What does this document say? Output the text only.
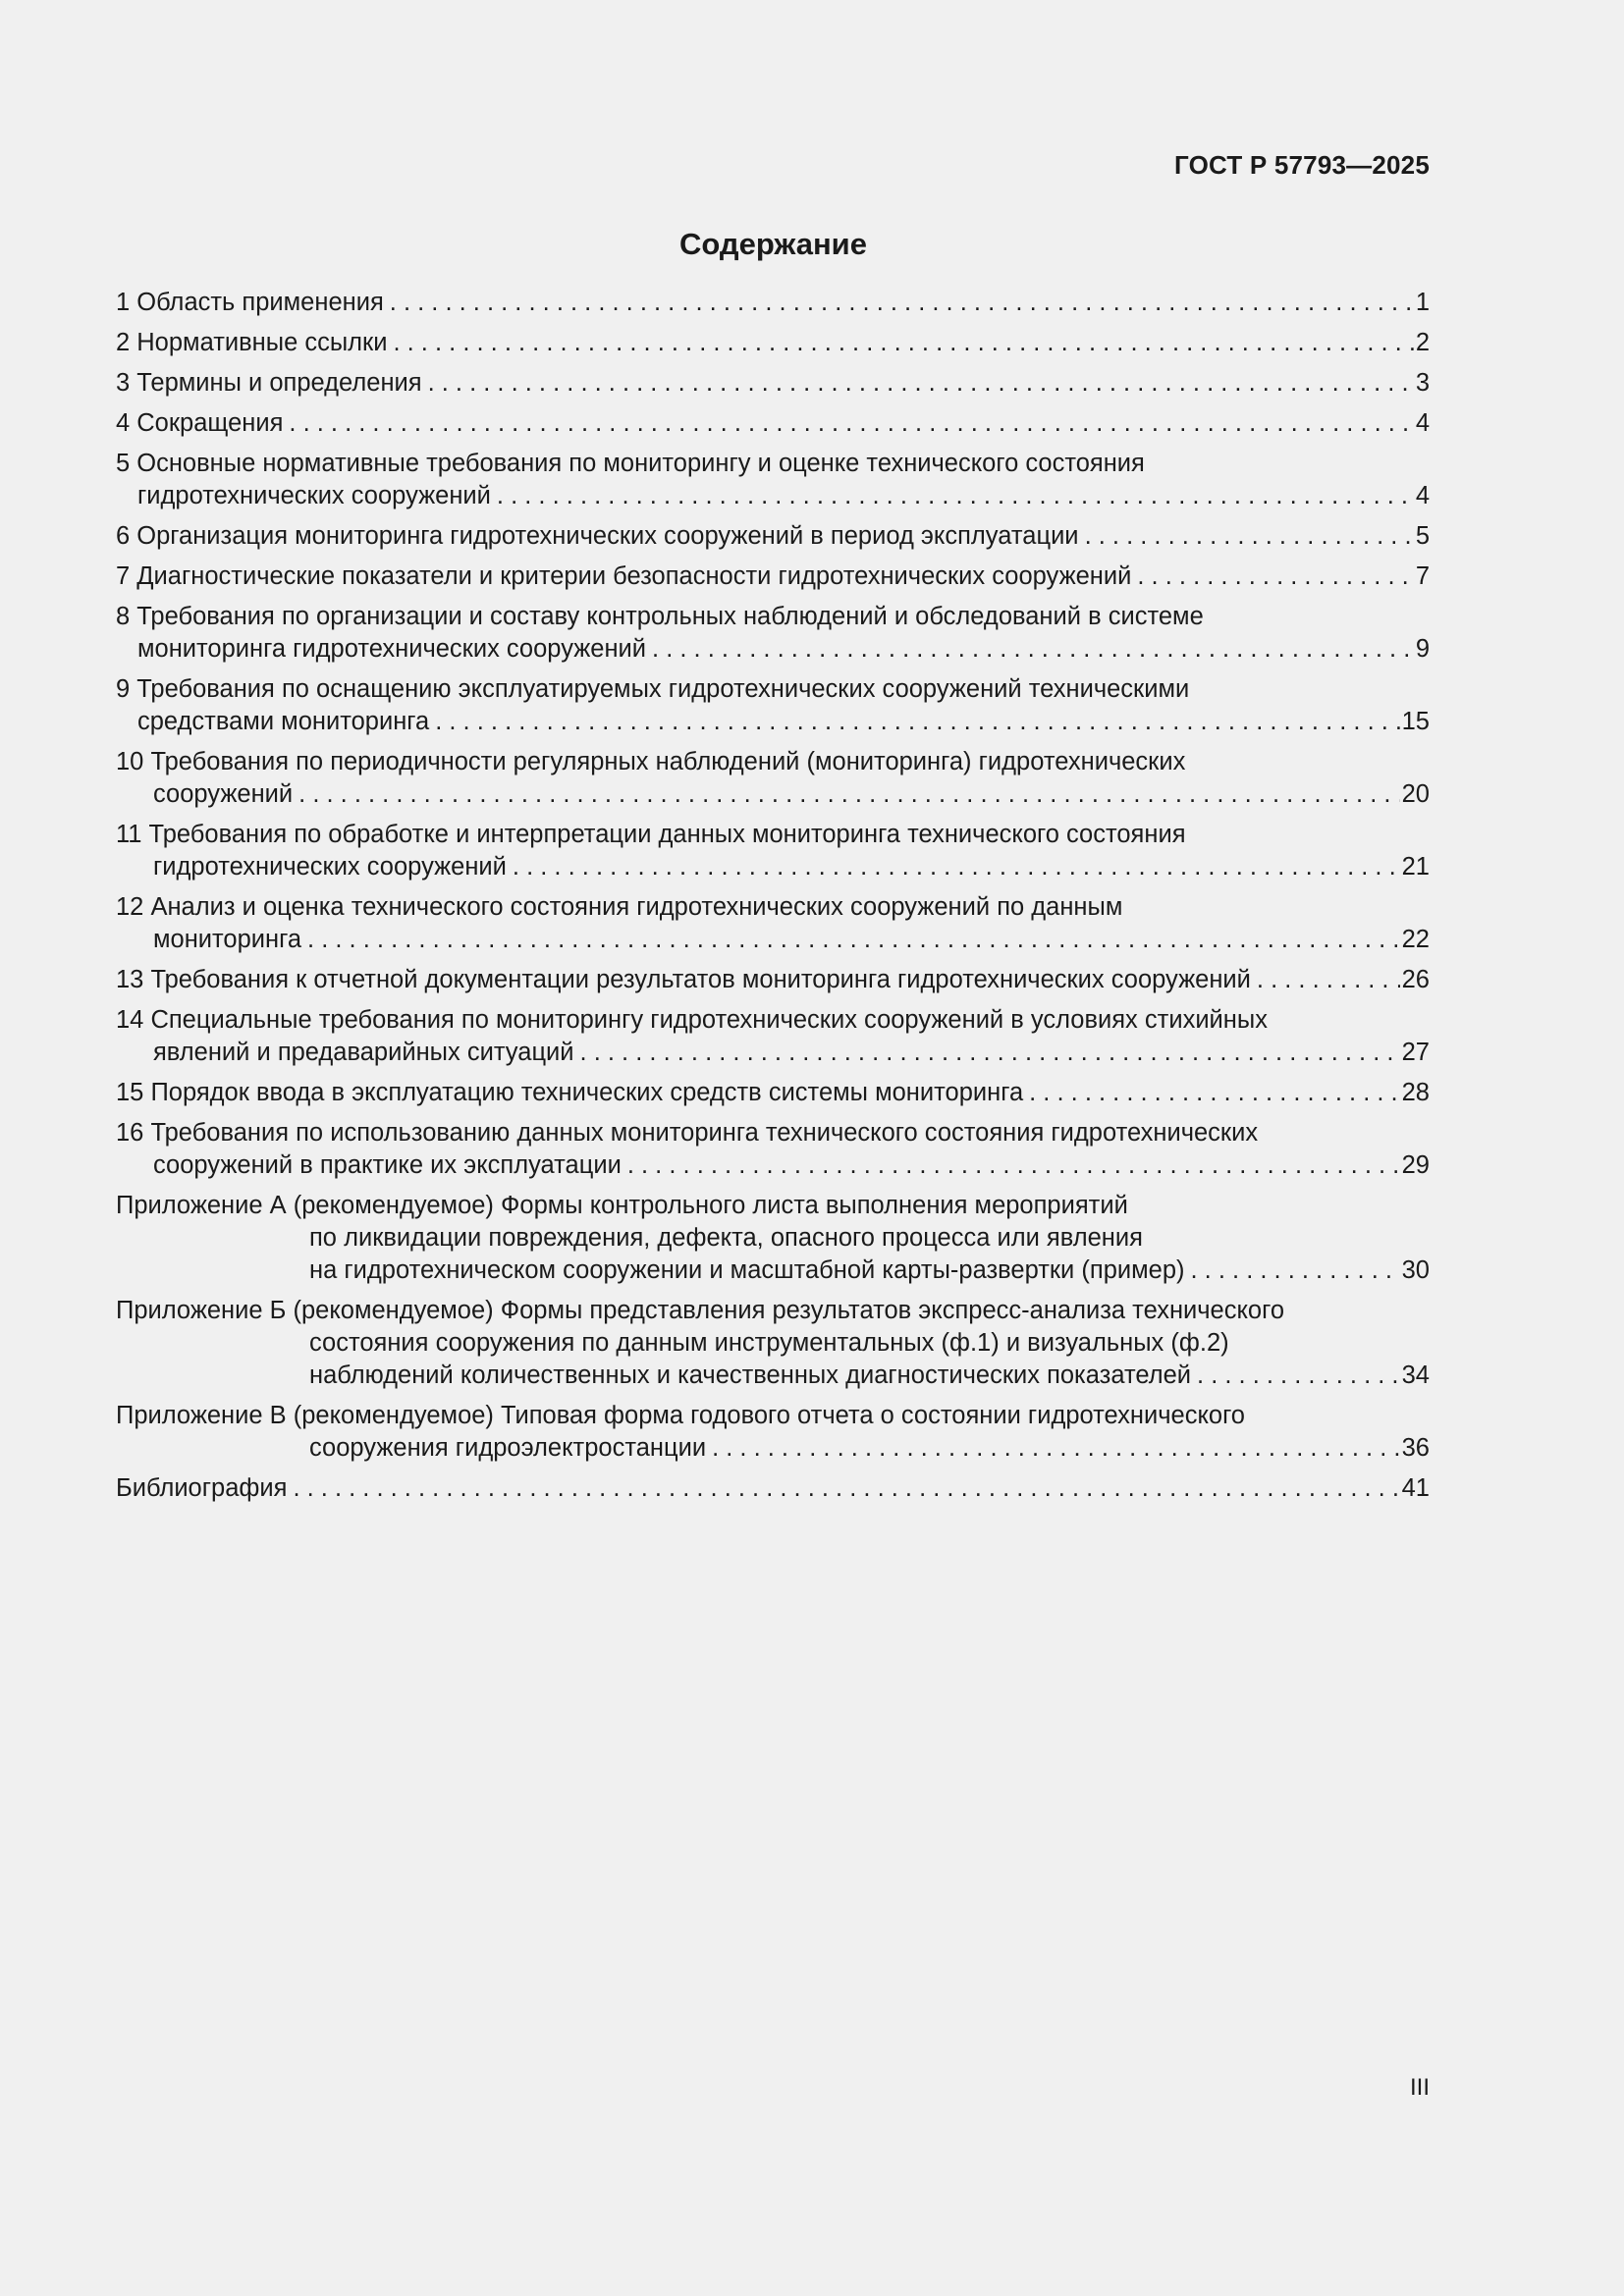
ГОСТ Р 57793—2025
Содержание
1 Область применения . . .	1
2 Нормативные ссылки . . .	2
3 Термины и определения . . .	3
4 Сокращения . . .	4
5 Основные нормативные требования по мониторингу и оценке технического состояния
гидротехнических сооружений . . .	4
6 Организация мониторинга гидротехнических сооружений в период эксплуатации . . .	5
7 Диагностические показатели и критерии безопасности гидротехнических сооружений . . .	7
8 Требования по организации и составу контрольных наблюдений и обследований в системе
мониторинга гидротехнических сооружений . . .	9
9 Требования по оснащению эксплуатируемых гидротехнических сооружений техническими
средствами мониторинга . . .	15
10 Требования по периодичности регулярных наблюдений (мониторинга) гидротехнических
сооружений . . .	20
11 Требования по обработке и интерпретации данных мониторинга технического состояния
гидротехнических сооружений . . .	21
12 Анализ и оценка технического состояния гидротехнических сооружений по данным
мониторинга . . .	22
13 Требования к отчетной документации результатов мониторинга гидротехнических сооружений . . .	26
14 Специальные требования по мониторингу гидротехнических сооружений в условиях стихийных
явлений и предаварийных ситуаций . . .	27
15 Порядок ввода в эксплуатацию технических средств системы мониторинга . . .	28
16 Требования по использованию данных мониторинга технического состояния гидротехнических
сооружений в практике их эксплуатации . . .	29
Приложение А (рекомендуемое) Формы контрольного листа выполнения мероприятий
по ликвидации повреждения, дефекта, опасного процесса или явления
на гидротехническом сооружении и масштабной карты-развертки (пример) . . .	30
Приложение Б (рекомендуемое) Формы представления результатов экспресс-анализа технического
состояния сооружения по данным инструментальных (ф.1) и визуальных (ф.2)
наблюдений количественных и качественных диагностических показателей . . .	34
Приложение В (рекомендуемое) Типовая форма годового отчета о состоянии гидротехнического
сооружения гидроэлектростанции . . .	36
Библиография . . .	41
III
